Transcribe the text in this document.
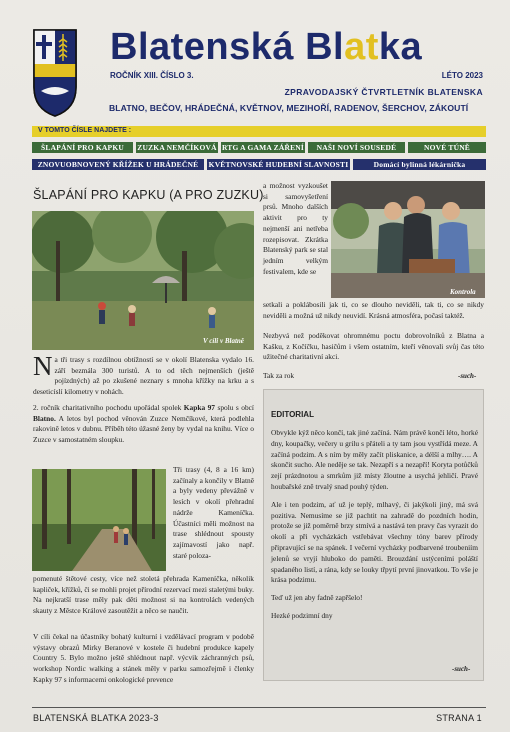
Blatenská Blatka
ROČNÍK XIII. ČÍSLO 3.	LÉTO 2023
ZPRAVODAJSKÝ ČTVRTLETNÍK BLATENSKA
BLATNO, BEČOV, HRÁDEČNÁ, KVĚTNOV, MEZIHOŘÍ, RADENOV, ŠERCHOV, ZÁKOUTÍ
V TOMTO ČÍSLE NAJDETE :
ŠLAPÁNÍ PRO KAPKU	ZUZKA NEMČÍKOVÁ RTG A GAMA ZÁŘENÍ	NAŠI NOVÍ SOUSEDÉ	NOVÉ TÚNĚ
ZNOVUOBNOVENÝ KŘÍŽEK U HRÁDEČNÉ	KVĚTNOVSKÉ HUDEBNÍ SLAVNOSTI	Domácí bylinná lékárnička
ŠLAPÁNÍ PRO KAPKU (A PRO ZUZKU)
V cíli v Blatně

Na tři trasy s rozdílnou obtížností se v okolí Blatenska vydalo 16. září bezmála 300 turistů. A to od těch nejmenších (ještě pojízdných) až po zkušené neznary s mnoha křížky na krku a s deseticíslí kilometry v nohách.

2. ročník charitativního pochodu upořádal spolek Kapka 97 spolu s obcí Blatno. A letos byl pochod věnován Zuzce Nemčíkové, která podlehla rakovině letos v dubnu. Příběh této úžasné ženy by vydal na knihu. Více o Zuzce v samostatném sloupku.

Tři trasy (4, 8 a 16 km) začínaly a končily v Blatně a byly vedeny převážně v lesích v okolí přehradní nádrže Kameníčka. Účastníci měli možnost na trase shlédnout spousty zajímavostí jako např. staré poloza-
pomenuté štětové cesty, více než stoletá přehrada Kameníčka, několik kapliček, křížků, či se mohli projet přírodní rezervací mezi staletými buky. Na nejkratší trase měly pak děti možnost si na kontrolách vedených skauty z Městce Králové zasoutěžit a něco se naučit.
V cíli čekal na účastníky bohatý kulturní i vzdělávací program v podobě výstavy obrazů Mirky Beranové v kostele či hudební produkce kapely Country 5. Bylo možno ještě shlédnout např. výcvik záchranných psů, workshop Nordic walking a stánek měly v parku samozřejmě i členky Kapky 97 s informacemi onkologické prevence
a možnost vyzkoušet si samovyšetření prsů. Mnoho dalších aktivit pro ty nejmenší ani netřeba rozepisovat. Zkrátka Blatenský park se stal jedním velkým festivalem, kde se
Kontrola
setkali a poklábosili jak ti, co se dlouho neviděli, tak ti, co se nikdy neviděli a možná už nikdy neuvidí. Krásná atmosféra, počasí taktéž.
Nezbyvá než poděkovat ohromnému poctu dobrovolníků z Blatna a Kašku, z Kočíčku, hasičům i všem ostatním, kteří věnovali svůj čas této užitečné charitativní akci.
Tak za rok	-such-
EDITORIAL

Obvykle kýž něco končí, tak jiné začíná. Nám právě končí léto, horké dny, koupačky, večery u grilu s přáteli a ty tam jsou vystřídá meze. A začíná podzim. A s ním by měly začít pliskanice, a délší a mlhy…. A skončit sucho. Ale neděje se tak. Nezapří s a nezapří! Koryta potůčků zejí prázdnotou a smrkům již místy žloutne a usychá jehličí. Pravé houbařské zně trvalý snad pouhý týden.

Ale i ten podzim, ať už je teplý, mlhavý, či jakýkoli jiný, má svá pozitiva. Nemusíme se již pachtit na zahradě do pozdních hodin, protože se již poměrně brzy stmívá a nastává ten pravy čas vyrazit do okolí a při vycházkách vstřebávat všechny tóny barev přírody připravující se na spánek. I večerní vycházky podbarvené troubeniím jelenů se vryjí hluboko do paměti. Brouzdání ustýceními poláští spadaného listí, a rána, kdy se louky třpytí první jinovatkou. To vše je krása podzimu.

Teď už jen aby fadně zapřšelo!

Hezké podzimní dny

-such-
BLATENSKÁ BLATKA 2023-3	STRANA 1
